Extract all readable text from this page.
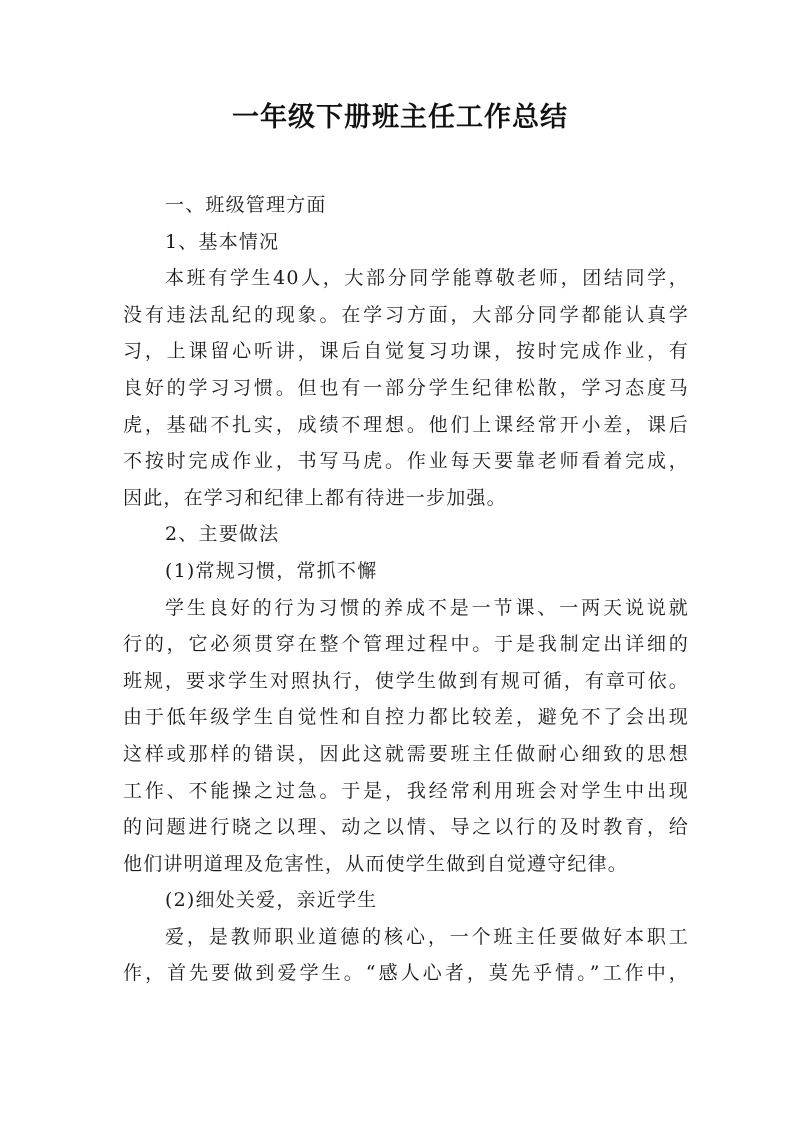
一年级下册班主任工作总结
一、班级管理方面
1、基本情况
本班有学生40人，大部分同学能尊敬老师，团结同学，
没有违法乱纪的现象。在学习方面，大部分同学都能认真学
习，上课留心听讲，课后自觉复习功课，按时完成作业，有
良好的学习习惯。但也有一部分学生纪律松散，学习态度马
虎，基础不扎实，成绩不理想。他们上课经常开小差，课后
不按时完成作业，书写马虎。作业每天要靠老师看着完成，
因此，在学习和纪律上都有待进一步加强。
2、主要做法
(1)常规习惯，常抓不懈
学生良好的行为习惯的养成不是一节课、一两天说说就
行的，它必须贯穿在整个管理过程中。于是我制定出详细的
班规，要求学生对照执行，使学生做到有规可循，有章可依。
由于低年级学生自觉性和自控力都比较差，避免不了会出现
这样或那样的错误，因此这就需要班主任做耐心细致的思想
工作、不能操之过急。于是，我经常利用班会对学生中出现
的问题进行晓之以理、动之以情、导之以行的及时教育，给
他们讲明道理及危害性，从而使学生做到自觉遵守纪律。
(2)细处关爱，亲近学生
爱，是教师职业道德的核心，一个班主任要做好本职工
作，首先要做到爱学生。“感人心者，莫先乎情。”工作中，
